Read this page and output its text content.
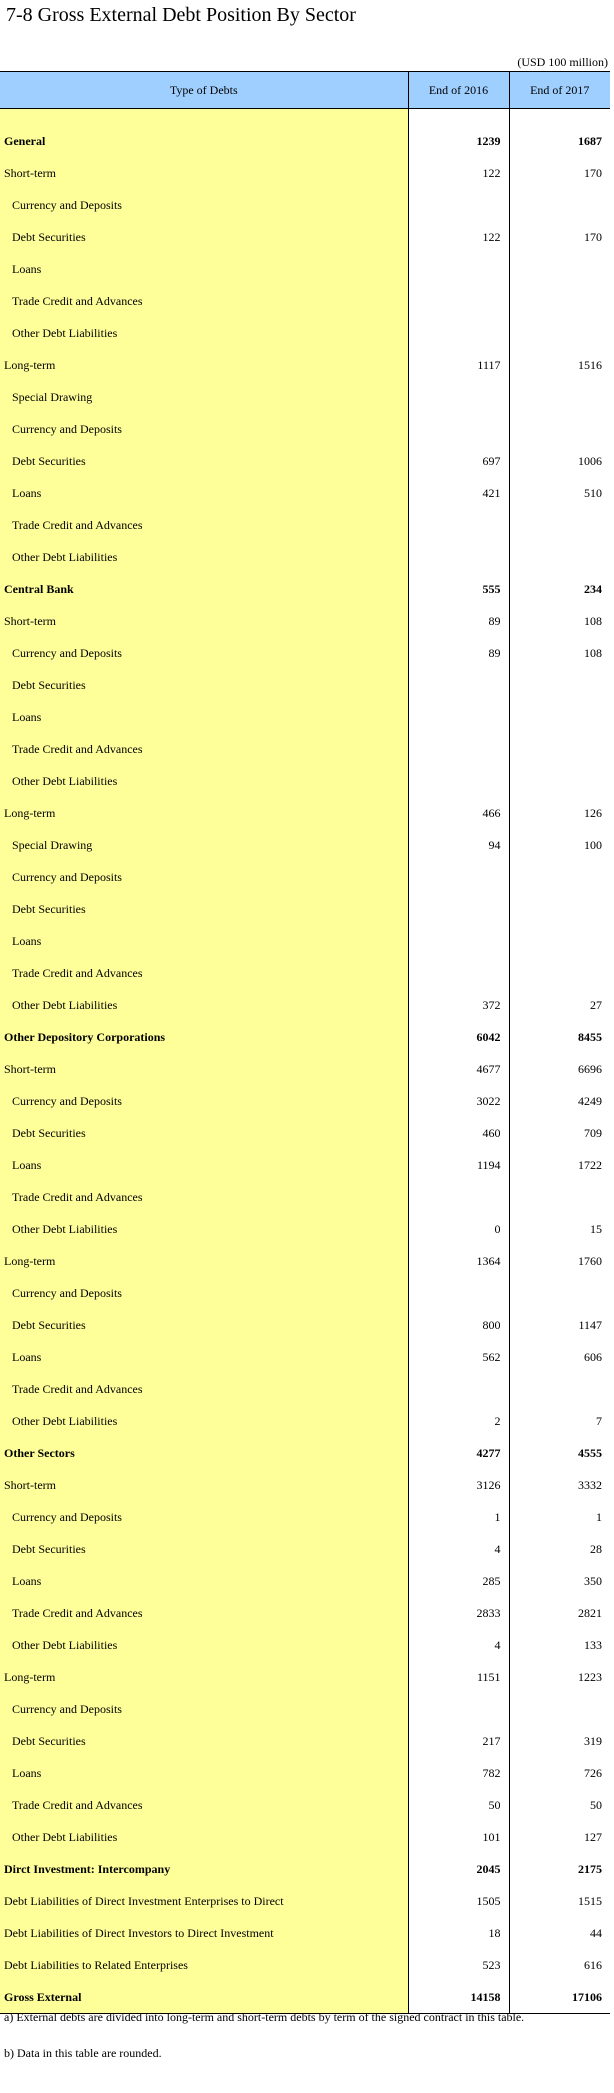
7-8 Gross External Debt Position By Sector
(USD 100 million)
Type of Debts	End of 2016	End of 2017

General	1239	1687
Short-term	122	170
Currency and Deposits		
Debt Securities	122	170
Loans		
Trade Credit and Advances		
Other Debt Liabilities		
Long-term	1117	1516
Special Drawing		
Currency and Deposits		
Debt Securities	697	1006
Loans	421	510
Trade Credit and Advances		
Other Debt Liabilities		
Central Bank	555	234
Short-term	89	108
Currency and Deposits	89	108
Debt Securities		
Loans		
Trade Credit and Advances		
Other Debt Liabilities		
Long-term	466	126
Special Drawing	94	100
Currency and Deposits		
Debt Securities		
Loans		
Trade Credit and Advances		
Other Debt Liabilities	372	27
Other Depository Corporations	6042	8455
Short-term	4677	6696
Currency and Deposits	3022	4249
Debt Securities	460	709
Loans	1194	1722
Trade Credit and Advances		
Other Debt Liabilities	0	15
Long-term	1364	1760
Currency and Deposits		
Debt Securities	800	1147
Loans	562	606
Trade Credit and Advances		
Other Debt Liabilities	2	7
Other Sectors	4277	4555
Short-term	3126	3332
Currency and Deposits	1	1
Debt Securities	4	28
Loans	285	350
Trade Credit and Advances	2833	2821
Other Debt Liabilities	4	133
Long-term	1151	1223
Currency and Deposits		
Debt Securities	217	319
Loans	782	726
Trade Credit and Advances	50	50
Other Debt Liabilities	101	127
Dirct Investment: Intercompany	2045	2175
Debt Liabilities of Direct Investment Enterprises to Direct	1505	1515
Debt Liabilities of Direct Investors to Direct Investment	18	44
Debt Liabilities to Related Enterprises	523	616
Gross External	14158	17106
a) External debts are divided into long-term and short-term debts by term of the signed contract in this table.
b) Data in this table are rounded.
